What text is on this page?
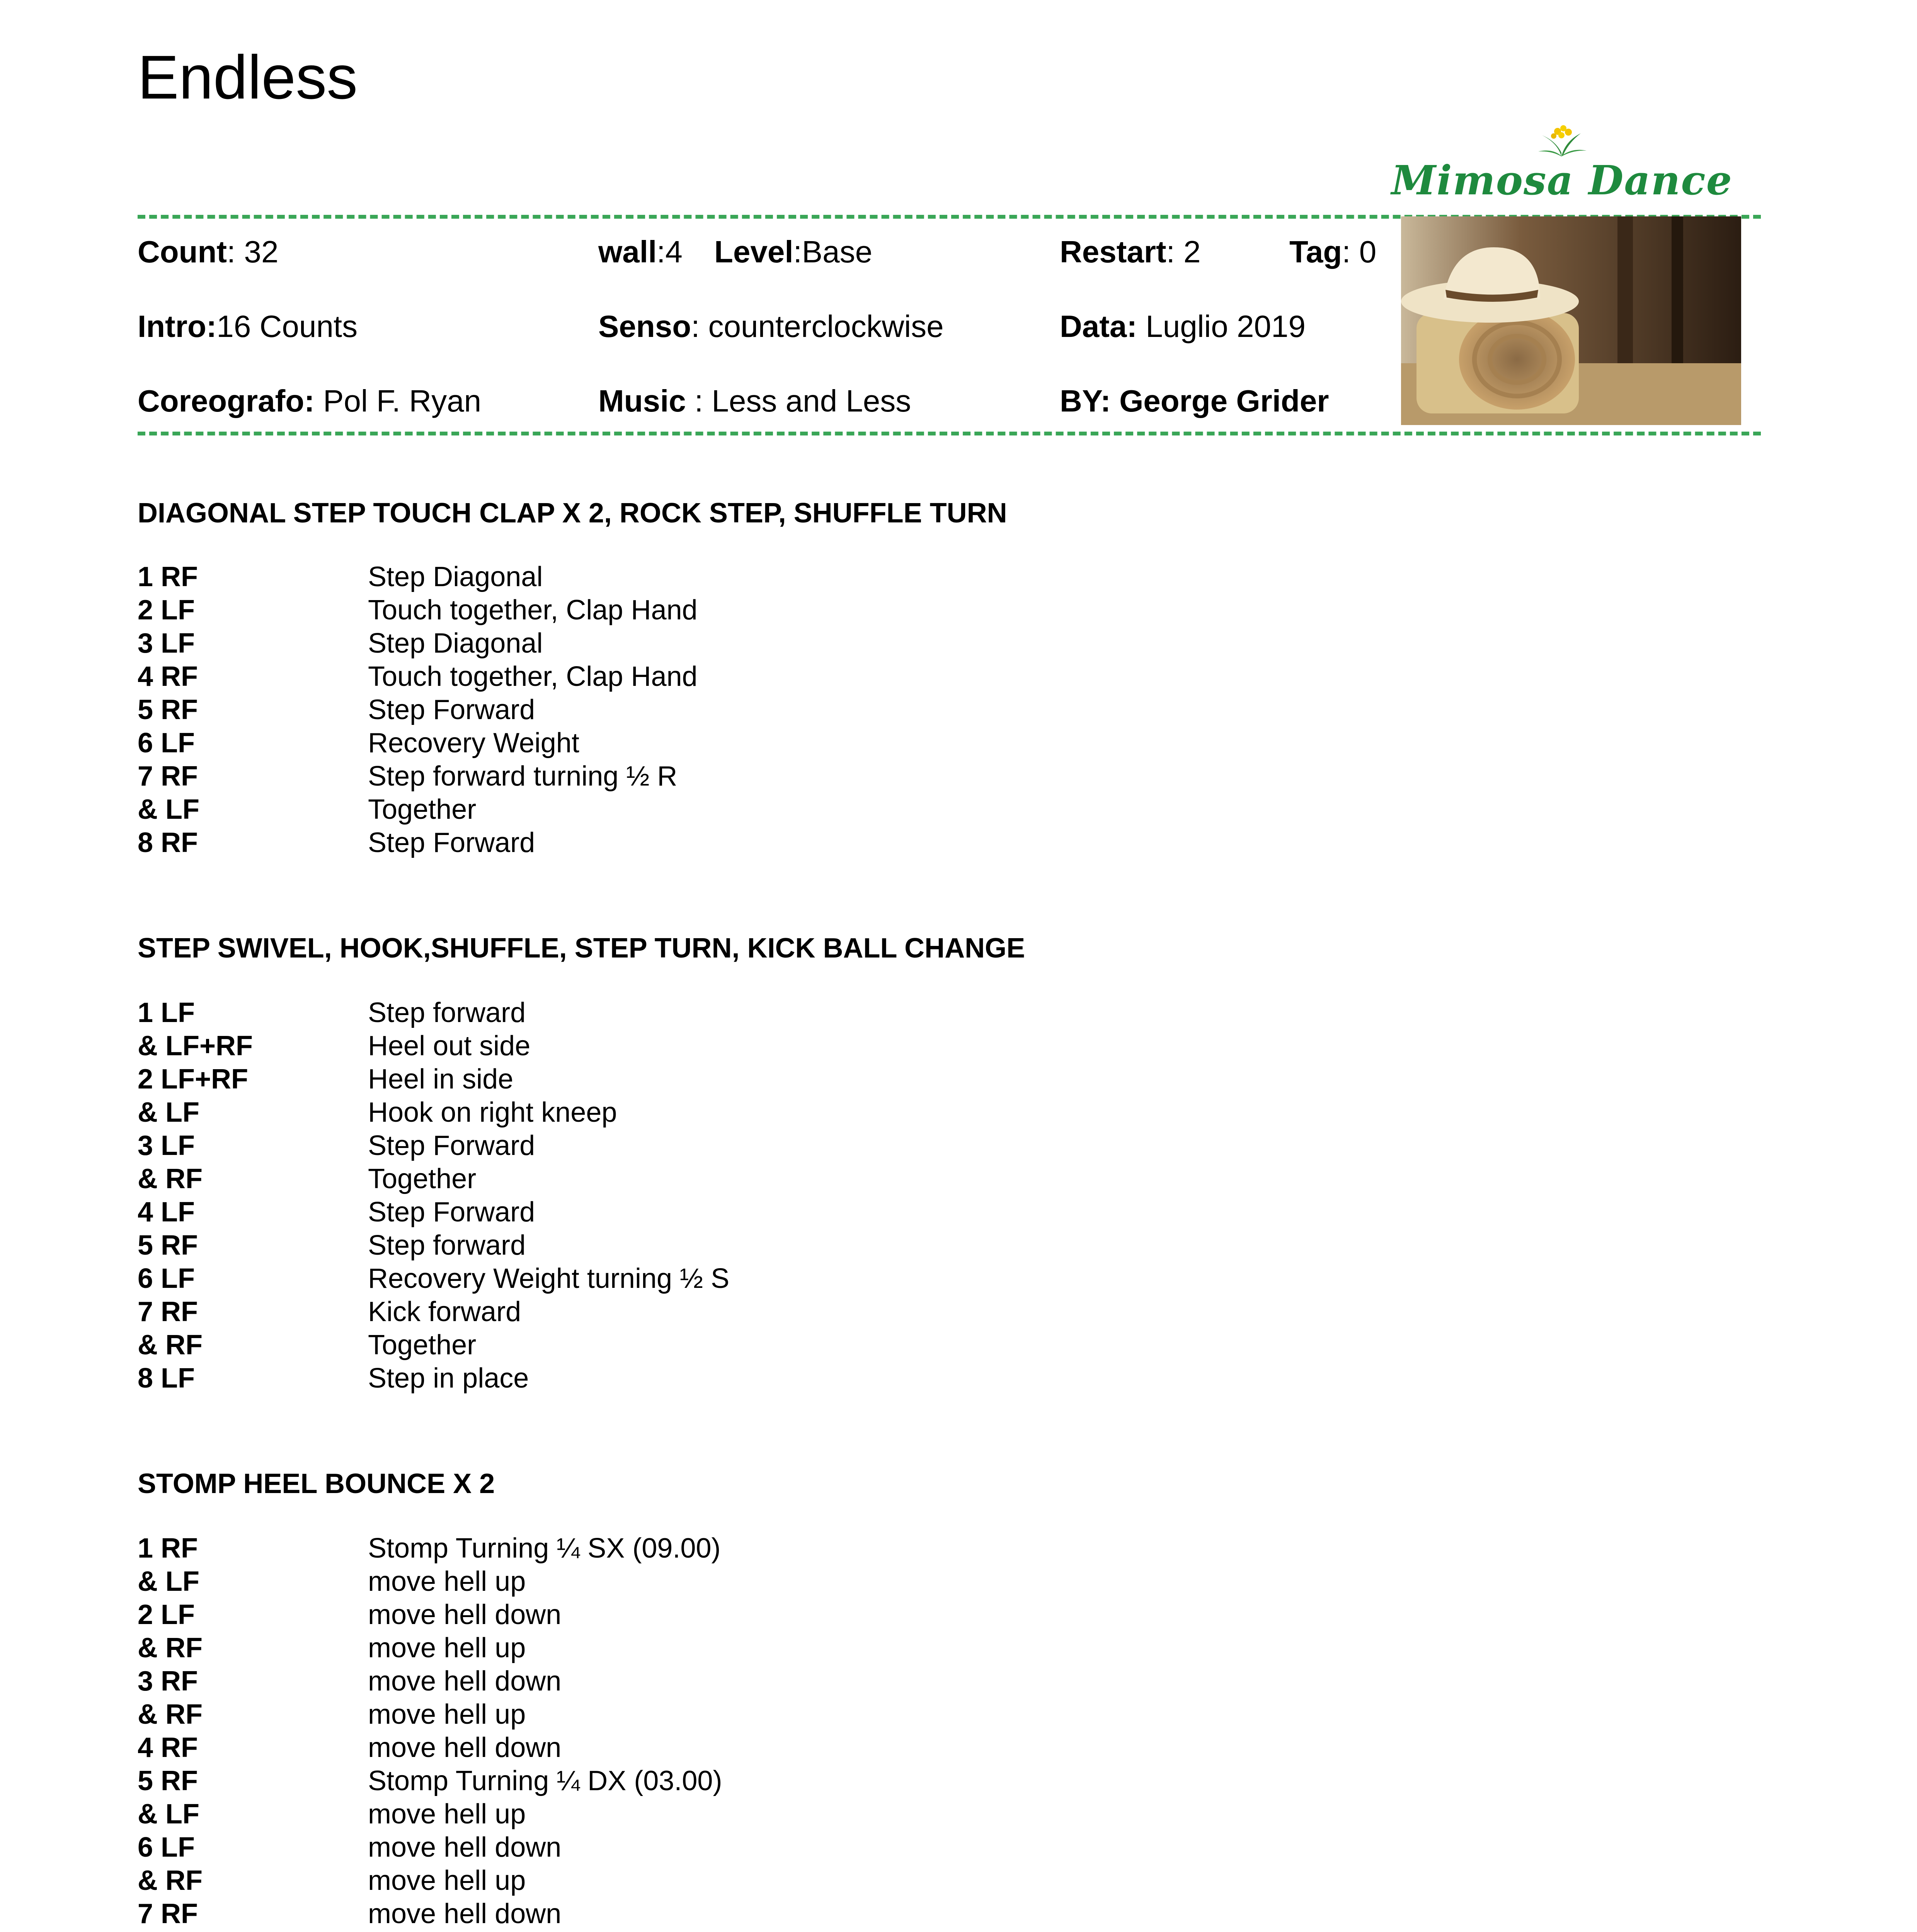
Endless
Mimosa Dance
Count: 32	wall:4 Level:Base	Restart: 2	Tag: 0
Intro:16 Counts	Senso: counterclockwise	Data: Luglio 2019
Coreografo: Pol F. Ryan	Music : Less and Less	BY: George Grider
DIAGONAL STEP TOUCH CLAP X 2, ROCK STEP, SHUFFLE TURN
1 RF	Step Diagonal
2 LF	Touch together, Clap Hand
3 LF	Step Diagonal
4 RF	Touch together, Clap Hand
5 RF	Step Forward
6 LF	Recovery Weight
7 RF	Step forward turning ½ R
& LF	Together
8 RF	Step Forward
STEP SWIVEL, HOOK,SHUFFLE, STEP TURN, KICK BALL CHANGE
1 LF	Step forward
& LF+RF	Heel out side
2 LF+RF	Heel in side
& LF	Hook on right kneep
3 LF	Step Forward
& RF	Together
4 LF	Step Forward
5 RF	Step forward
6 LF	Recovery Weight turning ½ S
7 RF	Kick forward
& RF	Together
8 LF	Step in place
STOMP HEEL BOUNCE X 2
1 RF	Stomp Turning ¼ SX (09.00)
& LF	move hell up
2 LF	move hell down
& RF	move hell up
3 RF	move hell down
& RF	move hell up
4 RF	move hell down
5 RF	Stomp Turning ¼ DX (03.00)
& LF	move hell up
6 LF	move hell down
& RF	move hell up
7 RF	move hell down
